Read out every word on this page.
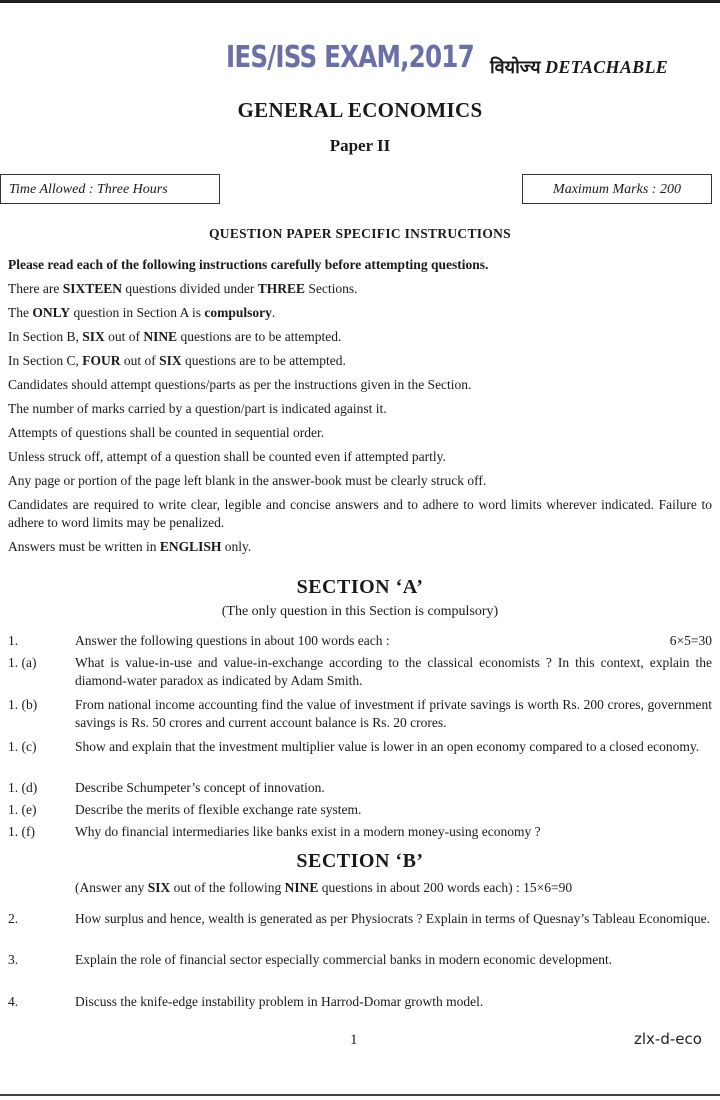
IES/ISS EXAM,2017 वियोज्य DETACHABLE
GENERAL ECONOMICS
Paper II
Time Allowed : Three Hours	Maximum Marks : 200
QUESTION PAPER SPECIFIC INSTRUCTIONS
Please read each of the following instructions carefully before attempting questions.
There are SIXTEEN questions divided under THREE Sections.
The ONLY question in Section A is compulsory.
In Section B, SIX out of NINE questions are to be attempted.
In Section C, FOUR out of SIX questions are to be attempted.
Candidates should attempt questions/parts as per the instructions given in the Section.
The number of marks carried by a question/part is indicated against it.
Attempts of questions shall be counted in sequential order.
Unless struck off, attempt of a question shall be counted even if attempted partly.
Any page or portion of the page left blank in the answer-book must be clearly struck off.
Candidates are required to write clear, legible and concise answers and to adhere to word limits wherever indicated. Failure to adhere to word limits may be penalized.
Answers must be written in ENGLISH only.
SECTION ‘A’
(The only question in this Section is compulsory)
1.	Answer the following questions in about 100 words each :	6×5=30
1. (a)	What is value-in-use and value-in-exchange according to the classical economists ? In this context, explain the diamond-water paradox as indicated by Adam Smith.
1. (b)	From national income accounting find the value of investment if private savings is worth Rs. 200 crores, government savings is Rs. 50 crores and current account balance is Rs. 20 crores.
1. (c)	Show and explain that the investment multiplier value is lower in an open economy compared to a closed economy.
1. (d)	Describe Schumpeter’s concept of innovation.
1. (e)	Describe the merits of flexible exchange rate system.
1. (f)	Why do financial intermediaries like banks exist in a modern money-using economy ?
SECTION ‘B’
(Answer any SIX out of the following NINE questions in about 200 words each) : 15×6=90
2.	How surplus and hence, wealth is generated as per Physiocrats ? Explain in terms of Quesnay’s Tableau Economique.
3.	Explain the role of financial sector especially commercial banks in modern economic development.
4.	Discuss the knife-edge instability problem in Harrod-Domar growth model.
1	zlx-d-eco
